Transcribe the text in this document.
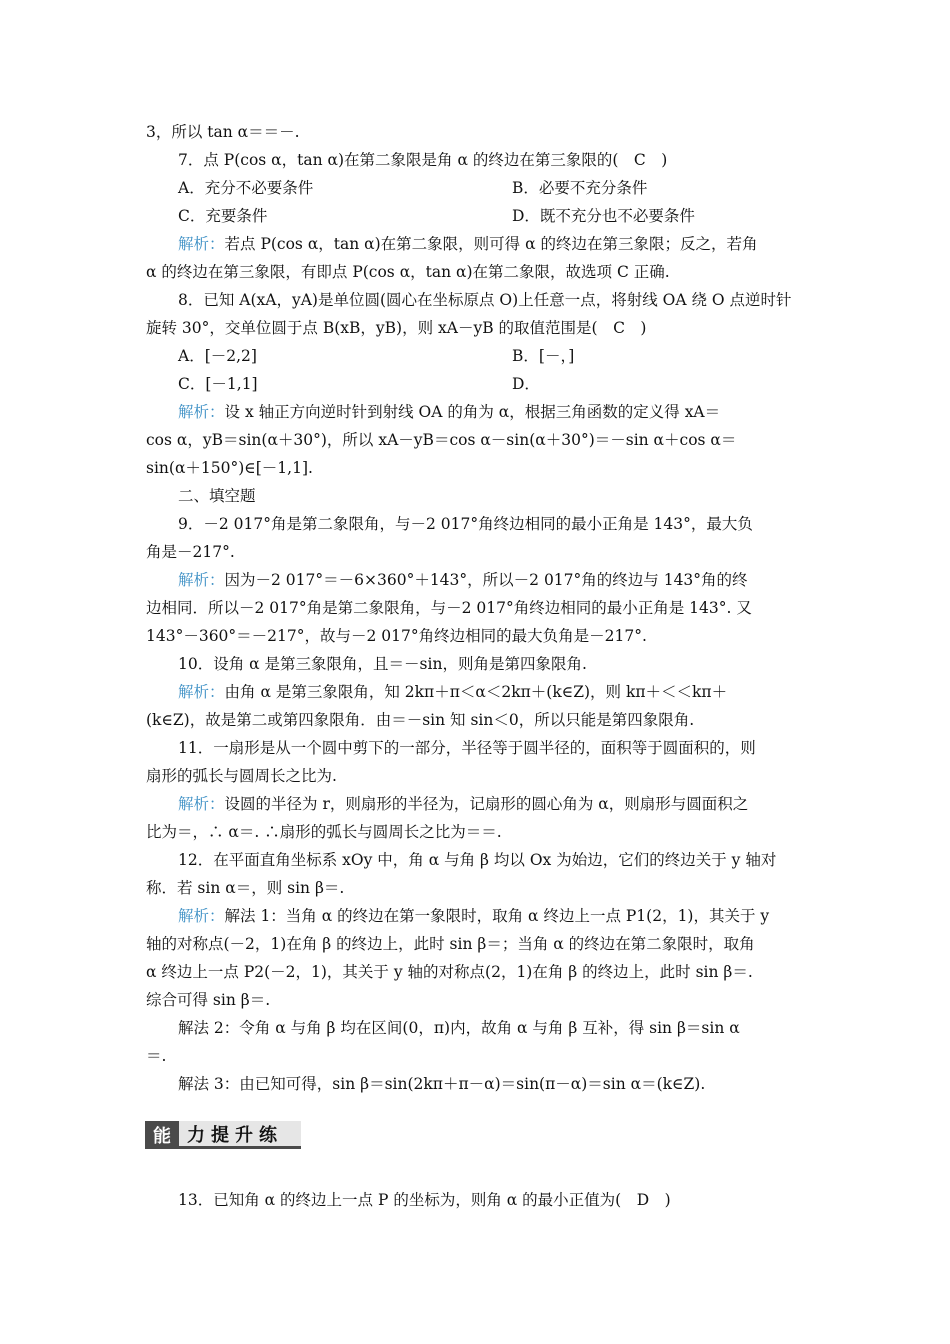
3，所以 tan α＝＝－.
7．点 P(cos α，tan α)在第二象限是角 α 的终边在第三象限的(　C　)
A．充分不必要条件	B．必要不充分条件
C．充要条件	D．既不充分也不必要条件
解析：若点 P(cos α，tan α)在第二象限，则可得 α 的终边在第三象限；反之，若角
α 的终边在第三象限，有即点 P(cos α，tan α)在第二象限，故选项 C 正确.
8．已知 A(xA，yA)是单位圆(圆心在坐标原点 O)上任意一点，将射线 OA 绕 O 点逆时针
旋转 30°，交单位圆于点 B(xB，yB)，则 xA－yB 的取值范围是(　C　)
A．[－2,2]	B．[－，]
C．[－1,1]	D．
解析：设 x 轴正方向逆时针到射线 OA 的角为 α，根据三角函数的定义得 xA＝
cos α，yB＝sin(α＋30°)，所以 xA－yB＝cos α－sin(α＋30°)＝－sin α＋cos α＝
sin(α＋150°)∈[－1,1].
二、填空题
9．－2 017°角是第二象限角，与－2 017°角终边相同的最小正角是 143°，最大负
角是－217°.
解析：因为－2 017°＝－6×360°＋143°，所以－2 017°角的终边与 143°角的终
边相同．所以－2 017°角是第二象限角，与－2 017°角终边相同的最小正角是 143°. 又
143°－360°＝－217°，故与－2 017°角终边相同的最大负角是－217°.
10．设角 α 是第三象限角，且＝－sin，则角是第四象限角.
解析：由角 α 是第三象限角，知 2kπ＋π＜α＜2kπ＋(k∈Z)，则 kπ＋＜＜kπ＋
(k∈Z)，故是第二或第四象限角．由＝－sin 知 sin＜0，所以只能是第四象限角.
11．一扇形是从一个圆中剪下的一部分，半径等于圆半径的，面积等于圆面积的，则
扇形的弧长与圆周长之比为.
解析：设圆的半径为 r，则扇形的半径为，记扇形的圆心角为 α，则扇形与圆面积之
比为＝，∴ α＝. ∴扇形的弧长与圆周长之比为＝＝.
12．在平面直角坐标系 xOy 中，角 α 与角 β 均以 Ox 为始边，它们的终边关于 y 轴对
称．若 sin α＝，则 sin β＝.
解析：解法 1：当角 α 的终边在第一象限时，取角 α 终边上一点 P1(2，1)，其关于 y
轴的对称点(－2，1)在角 β 的终边上，此时 sin β＝；当角 α 的终边在第二象限时，取角
α 终边上一点 P2(－2，1)，其关于 y 轴的对称点(2，1)在角 β 的终边上，此时 sin β＝.
综合可得 sin β＝.
解法 2：令角 α 与角 β 均在区间(0，π)内，故角 α 与角 β 互补，得 sin β＝sin α
＝.
解法 3：由已知可得，sin β＝sin(2kπ＋π－α)＝sin(π－α)＝sin α＝(k∈Z).
13．已知角 α 的终边上一点 P 的坐标为，则角 α 的最小正值为(　D　)
能 力提升练
